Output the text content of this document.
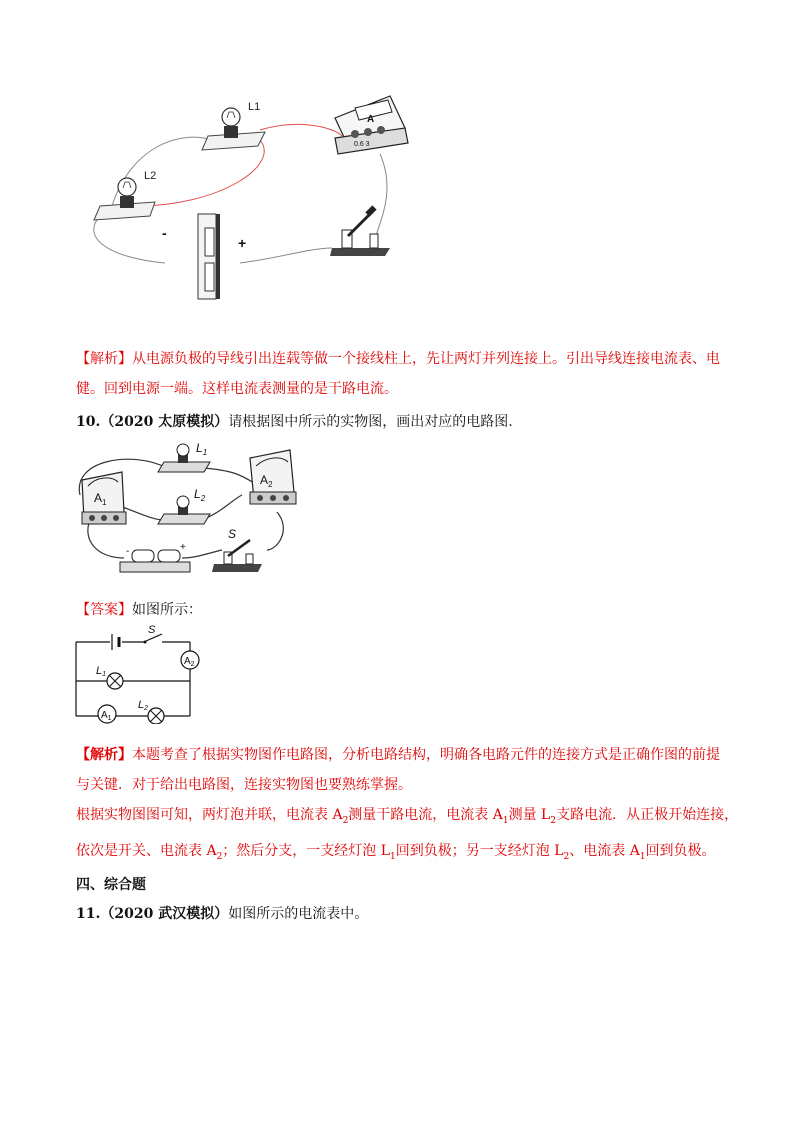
L1
L2
A
0.6 3
-
+
【解析】从电源负极的导线引出连载等做一个接线柱上，先让两灯并列连接上。引出导线连接电流表、电
健。回到电源一端。这样电流表测量的是干路电流。
10.（2020 太原模拟）请根据图中所示的实物图，画出对应的电路图.
$A_1$
$A_2$
$L_1$
$L_2$
-	+
S
【答案】如图所示：
S
$A_2$
L1
$A_1$
L2
【解析】本题考查了根据实物图作电路图，分析电路结构，明确各电路元件的连接方式是正确作图的前提
与关键．对于给出电路图，连接实物图也要熟练掌握。
根据实物图图可知，两灯泡并联，电流表 $A_2$测量干路电流，电流表 $A_1$测量 $L_2$支路电流．从正极开始连接，
依次是开关、电流表 $A_2$；然后分支，一支经灯泡 $L_1$回到负极；另一支经灯泡 $L_2$、电流表 $A_1$回到负极。
四、综合题
11.（2020 武汉模拟）如图所示的电流表中。
